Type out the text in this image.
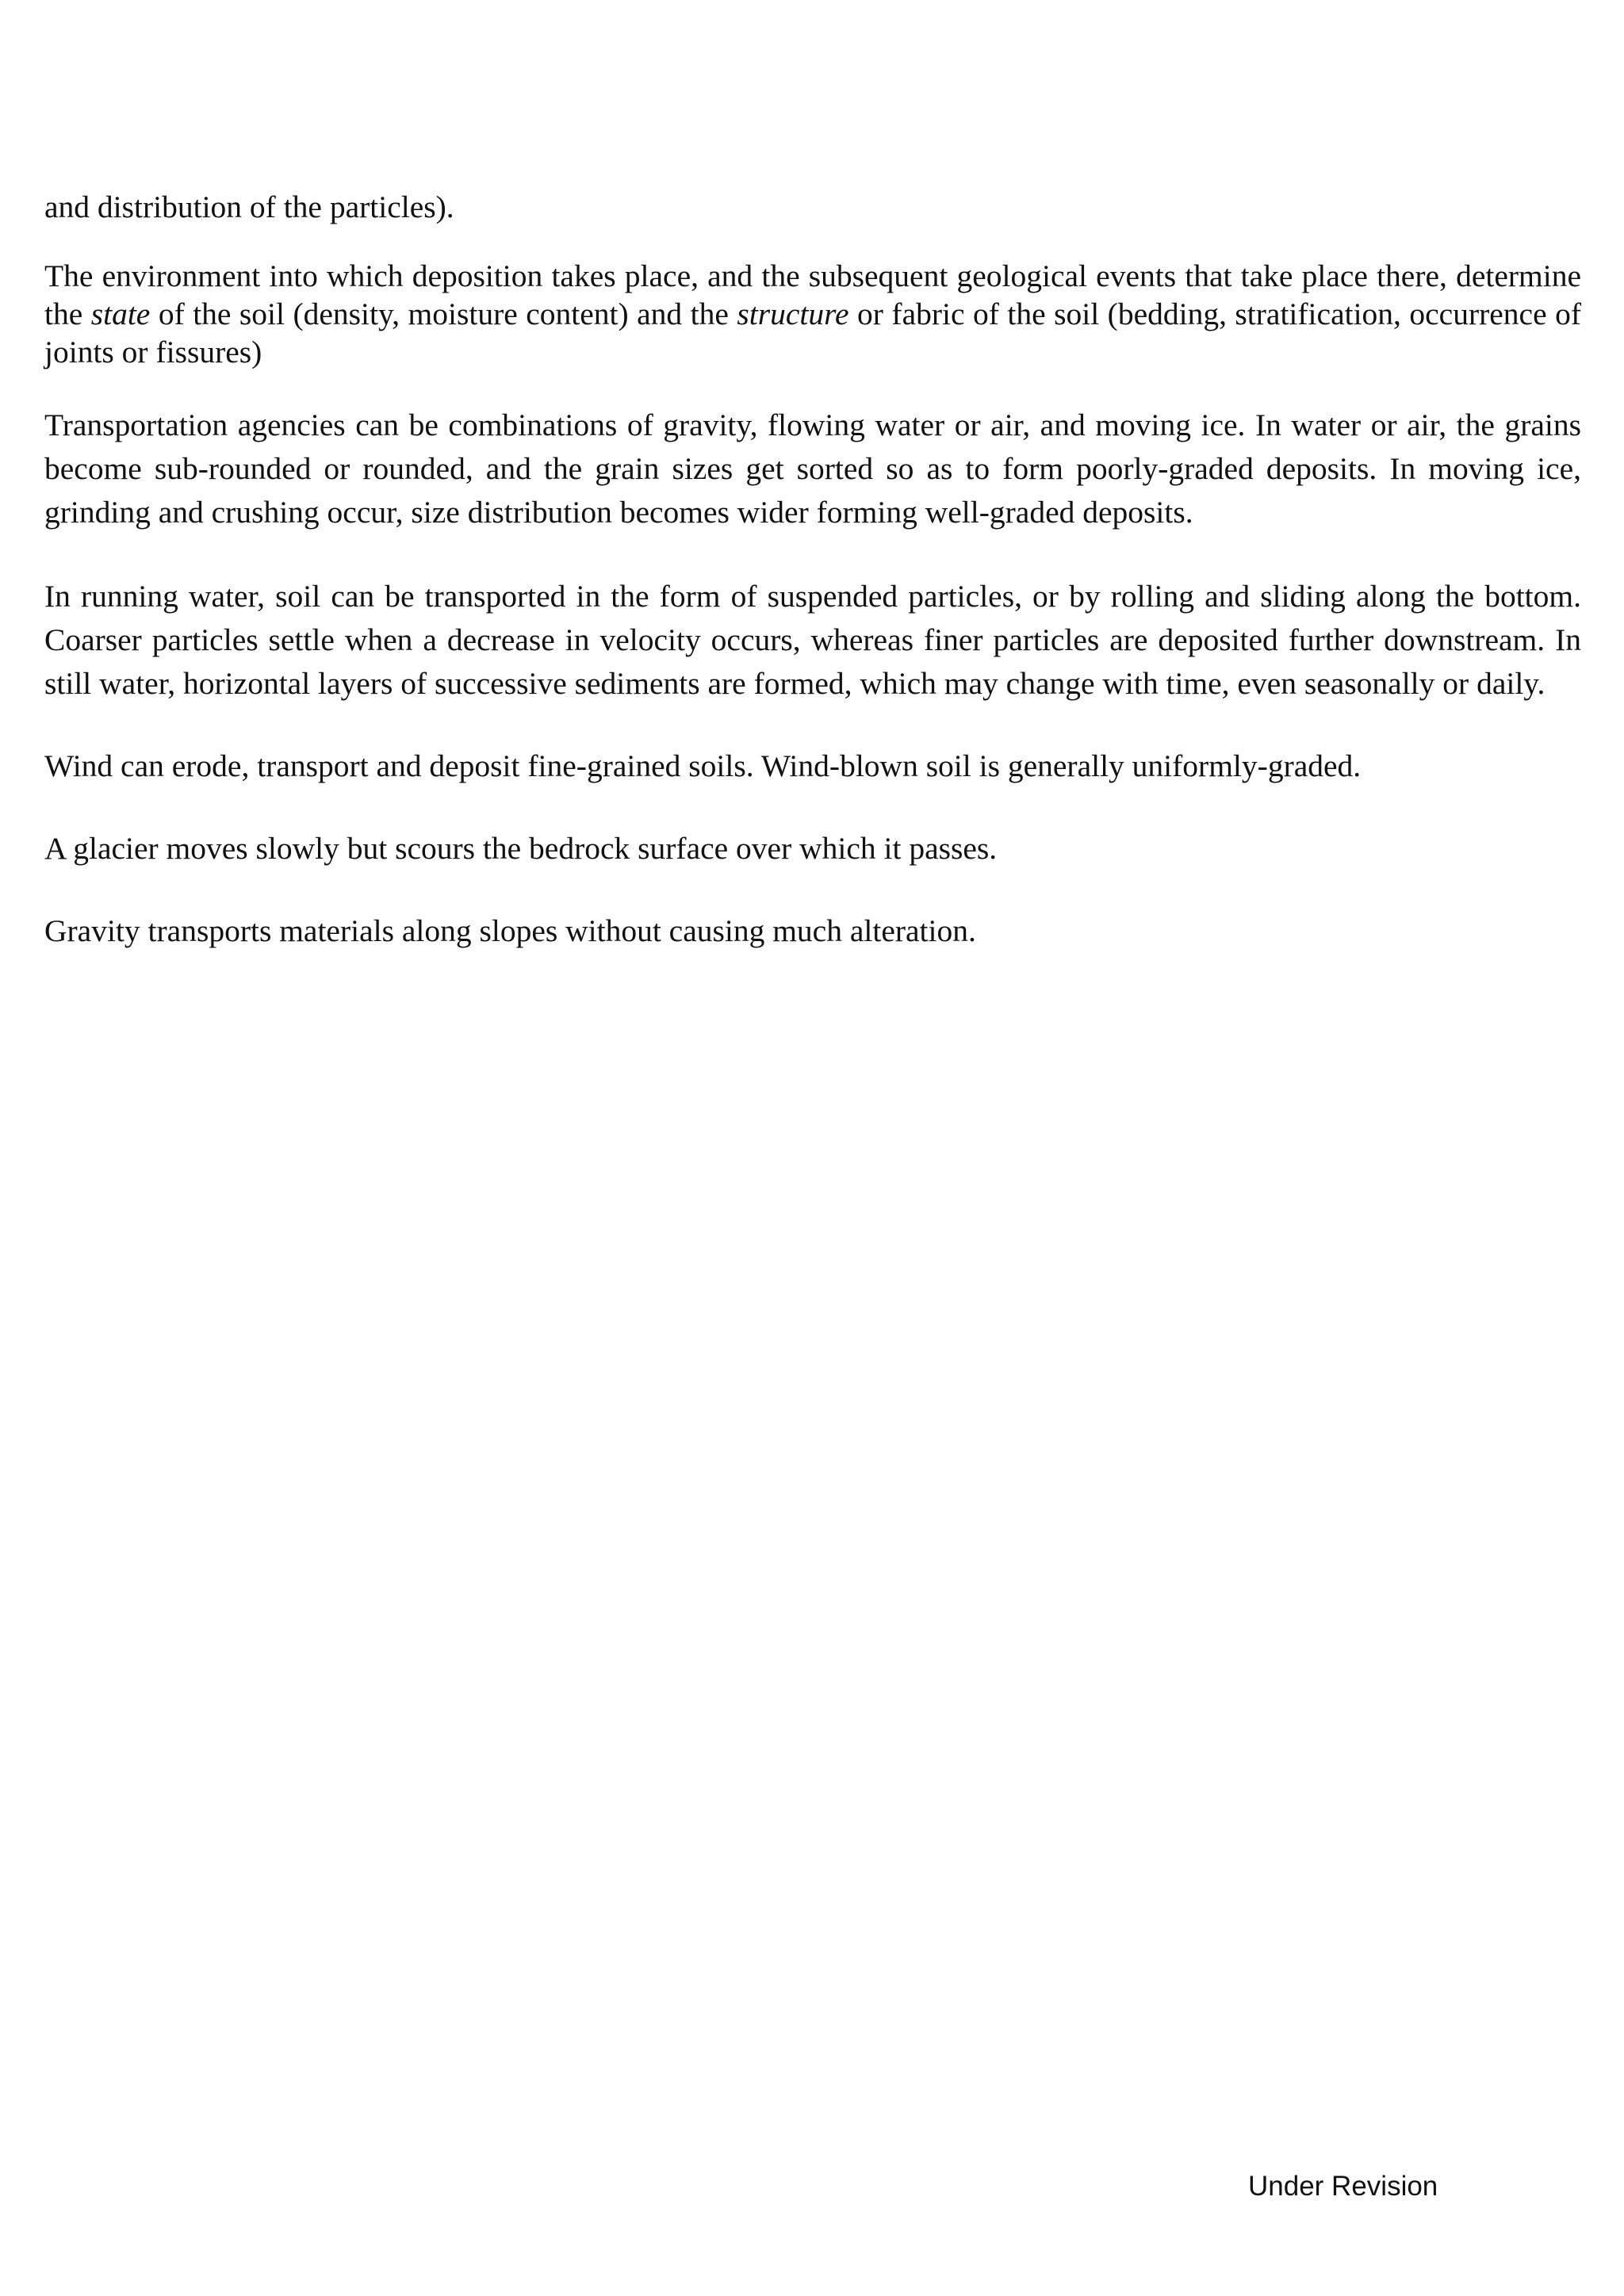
and distribution of the particles).

The environment into which deposition takes place, and the subsequent geological events that take place there, determine the state of the soil (density, moisture content) and the structure or fabric of the soil (bedding, stratification, occurrence of joints or fissures)

Transportation agencies can be combinations of gravity, flowing water or air, and moving ice. In water or air, the grains become sub-rounded or rounded, and the grain sizes get sorted so as to form poorly-graded deposits. In moving ice, grinding and crushing occur, size distribution becomes wider forming well-graded deposits.

In running water, soil can be transported in the form of suspended particles, or by rolling and sliding along the bottom. Coarser particles settle when a decrease in velocity occurs, whereas finer particles are deposited further downstream. In still water, horizontal layers of successive sediments are formed, which may change with time, even seasonally or daily.

Wind can erode, transport and deposit fine-grained soils. Wind-blown soil is generally uniformly-graded.

A glacier moves slowly but scours the bedrock surface over which it passes.

Gravity transports materials along slopes without causing much alteration.

Under Revision
